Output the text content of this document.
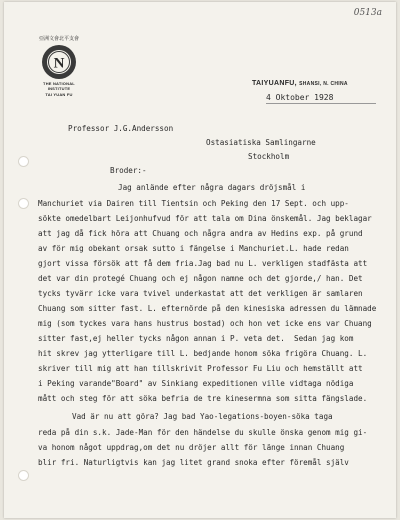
0513a
亞洲文會北平支會
N
THE NATIONAL INSTITUTE
TAI YUAN FU
TAIYUANFU, SHANSI, N. CHINA
4 Oktober 1928
Professor J.G.Andersson
Ostasiatiska Samlingarne
Stockholm
Broder:-
Jag anlände efter några dagars dröjsmål i
Manchuriet via Dairen till Tientsin och Peking den 17 Sept. och upp-
sökte omedelbart Leijonhufvud för att tala om Dina önskemål. Jag beklagar
att jag då fick höra att Chuang och några andra av Hedins exp. på grund
av för mig obekant orsak sutto i fängelse i Manchuriet.L. hade redan
gjort vissa försök att få dem fria.Jag bad nu L. verkligen stadfästa att
det var din protegé Chuang och ej någon namne och det gjorde,/ han. Det
tycks tyvärr icke vara tvivel underkastat att det verkligen är samlaren
Chuang som sitter fast. L. efternörde på den kinesiska adressen du lämnade
mig (som tyckes vara hans hustrus bostad) och hon vet icke ens var Chuang
sitter fast,ej heller tycks någon annan i P. veta det.  Sedan jag kom
hit skrev jag ytterligare till L. bedjande honom söka frigöra Chuang. L.
skriver till mig att han tillskrivit Professor Fu Liu och hemställt att
i Peking varande"Board" av Sinkiang expeditionen ville vidtaga nödiga
mått och steg för att söka befria de tre kinesermna som sitta fängslade.
Vad är nu att göra? Jag bad Yao-legations-boyen-söka taga
reda på din s.k. Jade-Man för den händelse du skulle önska genom mig gi-
va honom något uppdrag,om det nu dröjer allt för länge innan Chuang
blir fri. Naturligtvis kan jag litet grand snoka efter föremål själv
